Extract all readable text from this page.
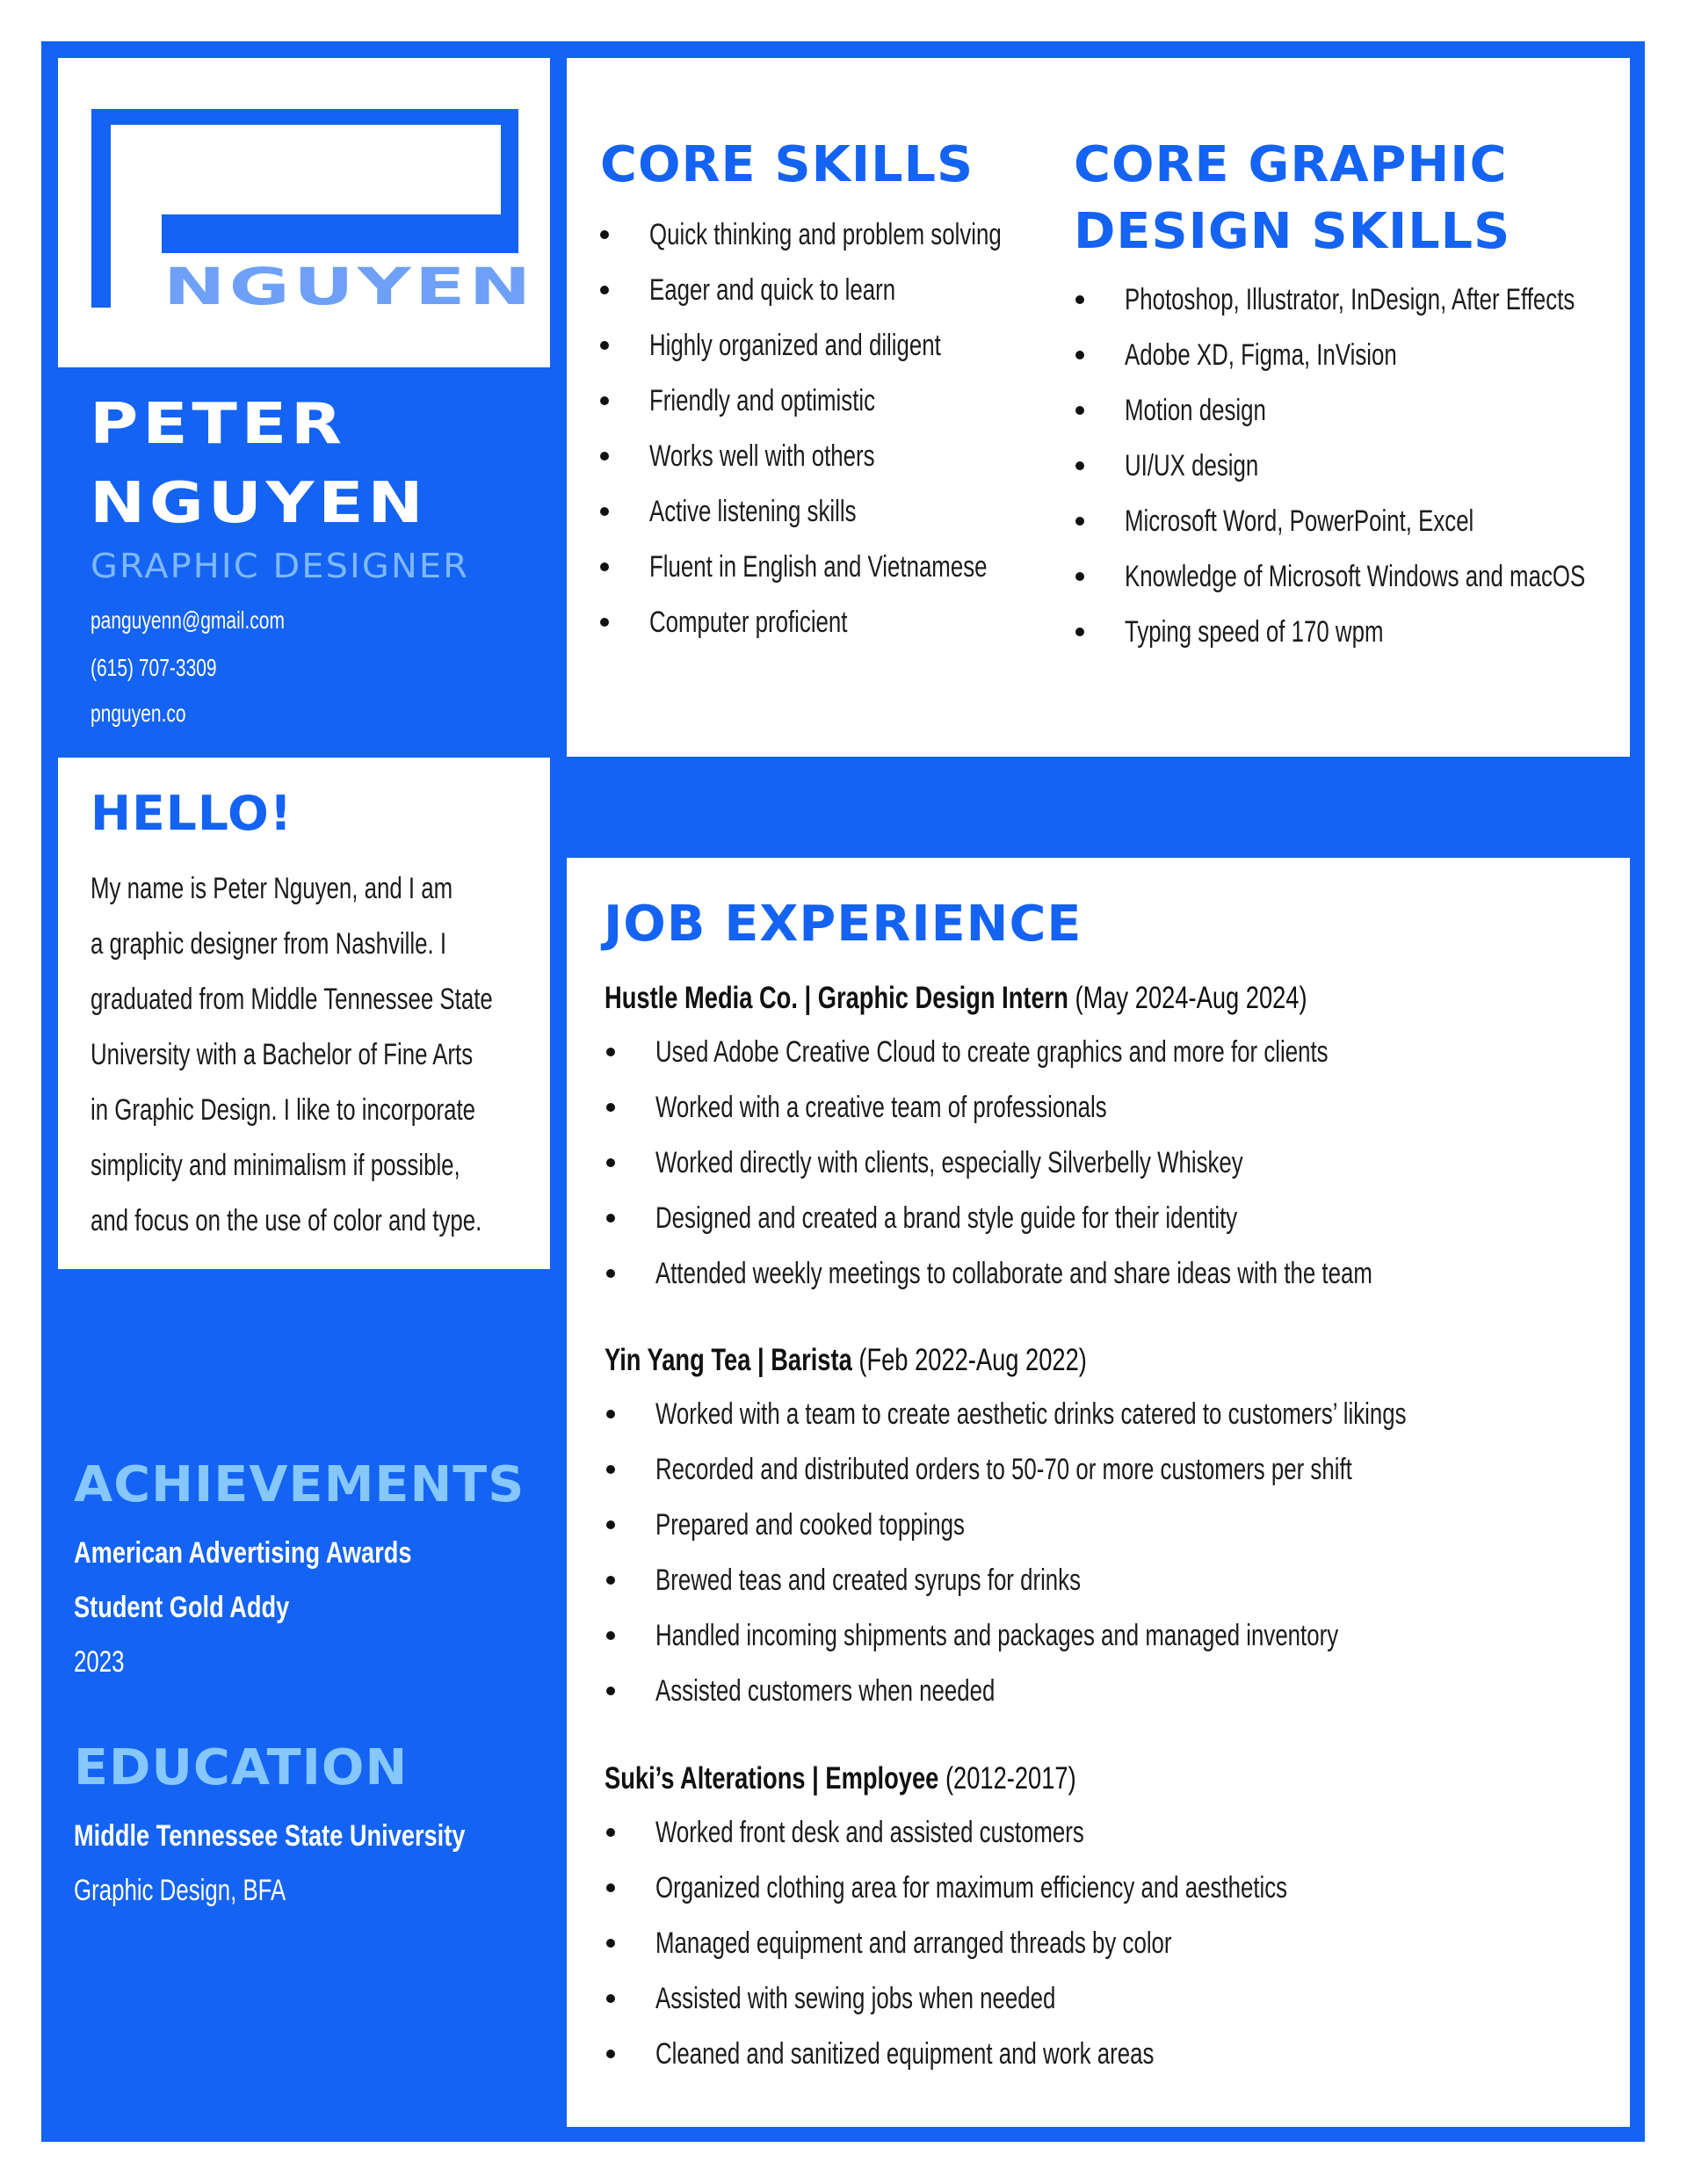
NGUYEN
PETER
NGUYEN
GRAPHIC DESIGNER
panguyenn@gmail.com
(615) 707-3309
pnguyen.co
HELLO!
My name is Peter Nguyen, and I am
a graphic designer from Nashville. I
graduated from Middle Tennessee State
University with a Bachelor of Fine Arts
in Graphic Design. I like to incorporate
simplicity and minimalism if possible,
and focus on the use of color and type.
ACHIEVEMENTS
American Advertising Awards
Student Gold Addy
2023
EDUCATION
Middle Tennessee State University
Graphic Design, BFA
CORE SKILLS
Quick thinking and problem solving
Eager and quick to learn
Highly organized and diligent
Friendly and optimistic
Works well with others
Active listening skills
Fluent in English and Vietnamese
Computer proficient
CORE GRAPHIC
DESIGN SKILLS
Photoshop, Illustrator, InDesign, After Effects
Adobe XD, Figma, InVision
Motion design
UI/UX design
Microsoft Word, PowerPoint, Excel
Knowledge of Microsoft Windows and macOS
Typing speed of 170 wpm
JOB EXPERIENCE
Hustle Media Co. | Graphic Design Intern (May 2024-Aug 2024)
Used Adobe Creative Cloud to create graphics and more for clients
Worked with a creative team of professionals
Worked directly with clients, especially Silverbelly Whiskey
Designed and created a brand style guide for their identity
Attended weekly meetings to collaborate and share ideas with the team
Yin Yang Tea | Barista (Feb 2022-Aug 2022)
Worked with a team to create aesthetic drinks catered to customers’ likings
Recorded and distributed orders to 50-70 or more customers per shift
Prepared and cooked toppings
Brewed teas and created syrups for drinks
Handled incoming shipments and packages and managed inventory
Assisted customers when needed
Suki’s Alterations | Employee (2012-2017)
Worked front desk and assisted customers
Organized clothing area for maximum efficiency and aesthetics
Managed equipment and arranged threads by color
Assisted with sewing jobs when needed
Cleaned and sanitized equipment and work areas
